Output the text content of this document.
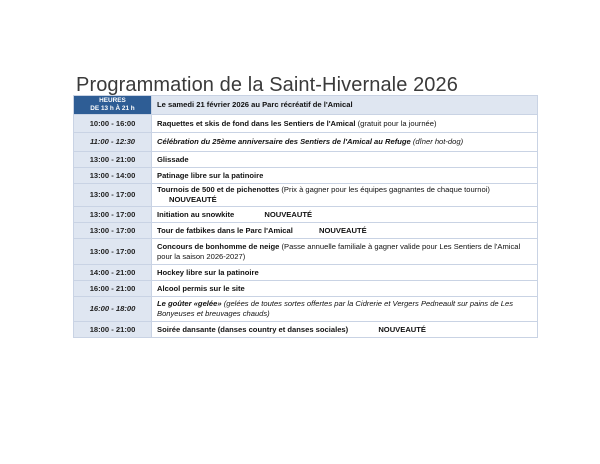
Programmation de la Saint-Hivernale 2026
HEURES
DE 13 h À 21 h	Le samedi 21 février 2026 au Parc récréatif de l'Amical
10:00 - 16:00	Raquettes et skis de fond dans les Sentiers de l'Amical (gratuit pour la journée)
11:00 - 12:30	Célébration du 25ème anniversaire des Sentiers de l'Amical au Refuge (dîner hot-dog)
13:00 - 21:00	Glissade
13:00 - 14:00	Patinage libre sur la patinoire
13:00 - 17:00	Tournois de 500 et de pichenottes (Prix à gagner pour les équipes gagnantes de chaque tournoi) NOUVEAUTÉ
13:00 - 17:00	Initiation au snowkite NOUVEAUTÉ
13:00 - 17:00	Tour de fatbikes dans le Parc l'Amical NOUVEAUTÉ
13:00 - 17:00	Concours de bonhomme de neige (Passe annuelle familiale à gagner valide pour Les Sentiers de l'Amical pour la saison 2026-2027)
14:00 - 21:00	Hockey libre sur la patinoire
16:00 - 21:00	Alcool permis sur le site
16:00 - 18:00	Le goûter «gelée» (gelées de toutes sortes offertes par la Cidrerie et Vergers Pedneault sur pains de Les Bonyeuses et breuvages chauds)
18:00 - 21:00	Soirée dansante (danses country et danses sociales) NOUVEAUTÉ
